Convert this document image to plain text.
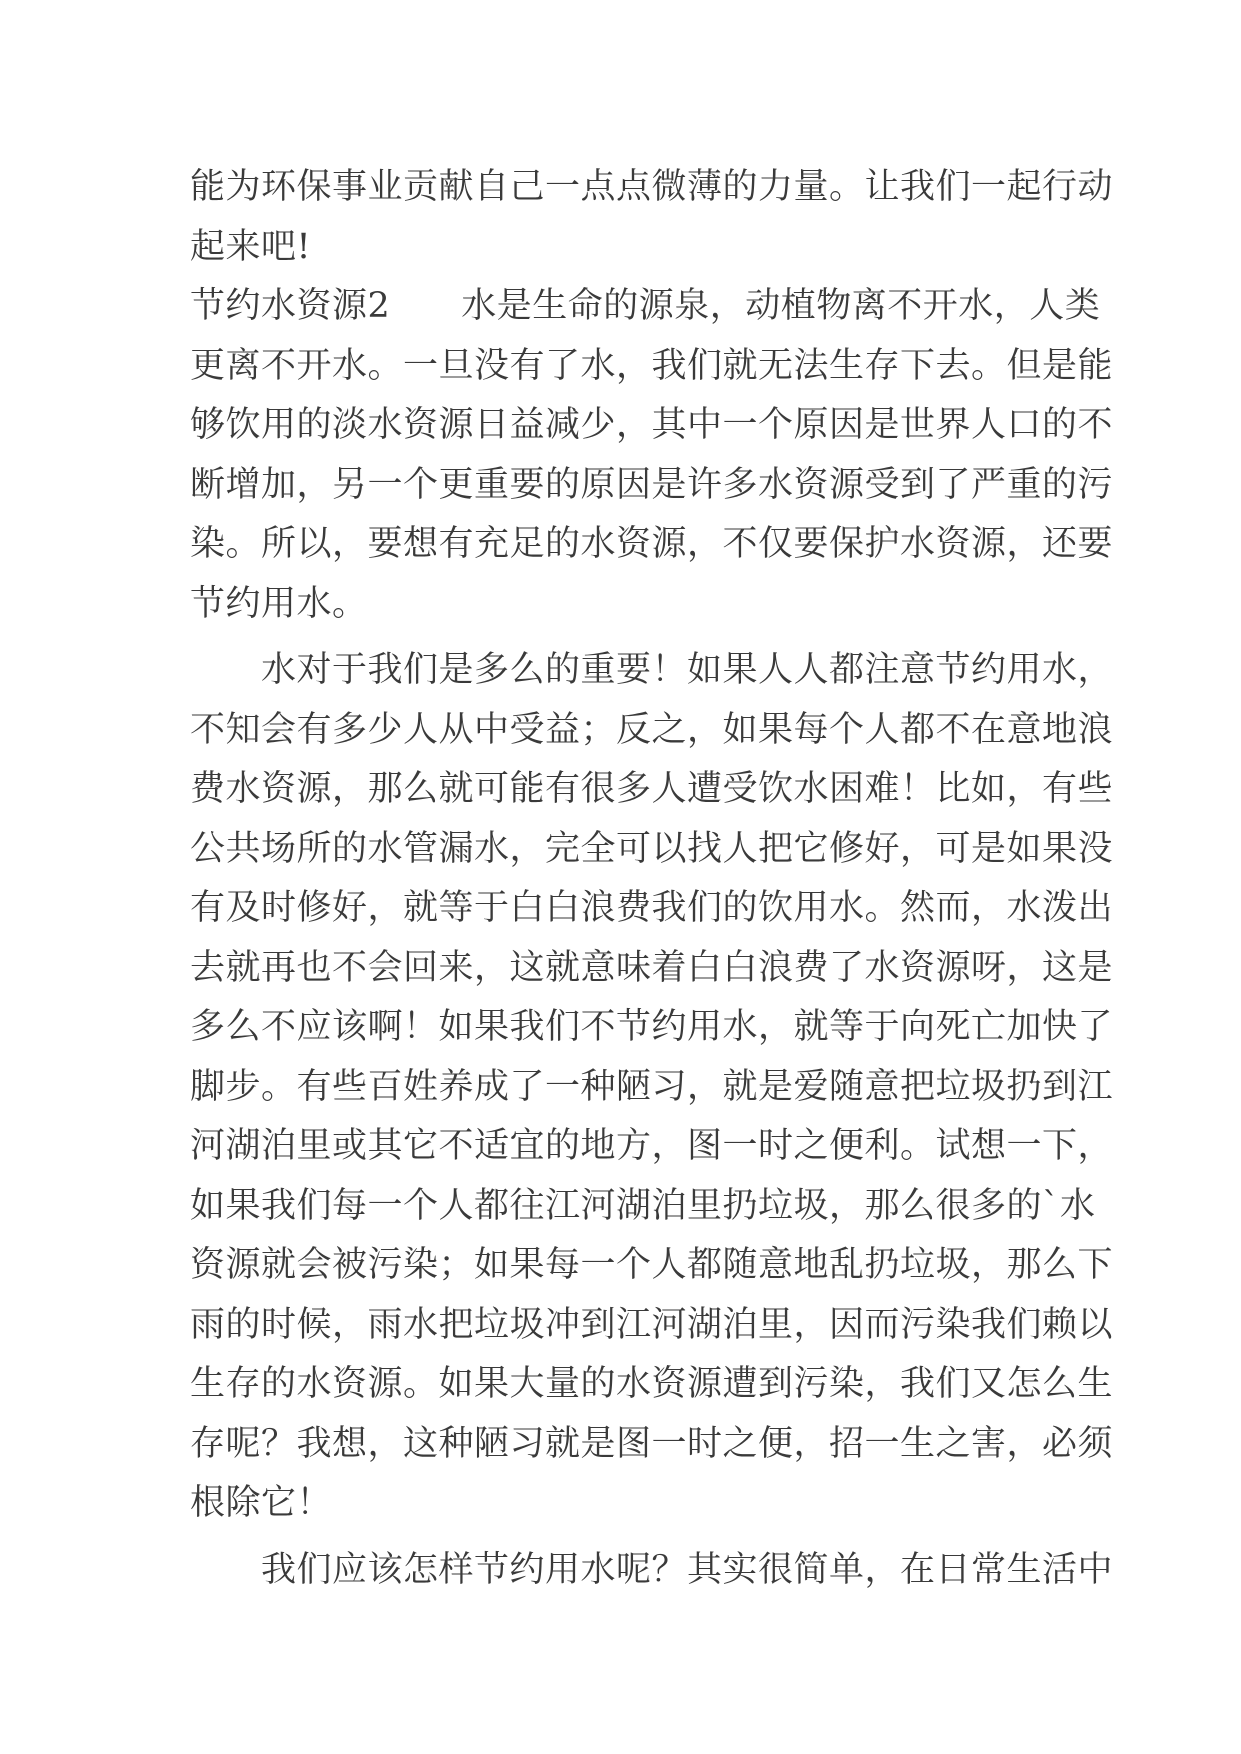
能为环保事业贡献自己一点点微薄的力量。让我们一起行动
起来吧!
节约水资源2　　水是生命的源泉，动植物离不开水，人类
更离不开水。一旦没有了水，我们就无法生存下去。但是能
够饮用的淡水资源日益减少，其中一个原因是世界人口的不
断增加，另一个更重要的原因是许多水资源受到了严重的污
染。所以，要想有充足的水资源，不仅要保护水资源，还要
节约用水。
　　水对于我们是多么的重要！如果人人都注意节约用水，
不知会有多少人从中受益；反之，如果每个人都不在意地浪
费水资源，那么就可能有很多人遭受饮水困难！比如，有些
公共场所的水管漏水，完全可以找人把它修好，可是如果没
有及时修好，就等于白白浪费我们的饮用水。然而，水泼出
去就再也不会回来，这就意味着白白浪费了水资源呀，这是
多么不应该啊！如果我们不节约用水，就等于向死亡加快了
脚步。有些百姓养成了一种陋习，就是爱随意把垃圾扔到江
河湖泊里或其它不适宜的地方，图一时之便利。试想一下，
如果我们每一个人都往江河湖泊里扔垃圾，那么很多的`水
资源就会被污染；如果每一个人都随意地乱扔垃圾，那么下
雨的时候，雨水把垃圾冲到江河湖泊里，因而污染我们赖以
生存的水资源。如果大量的水资源遭到污染，我们又怎么生
存呢？我想，这种陋习就是图一时之便，招一生之害，必须
根除它！
　　我们应该怎样节约用水呢？其实很简单，在日常生活中
